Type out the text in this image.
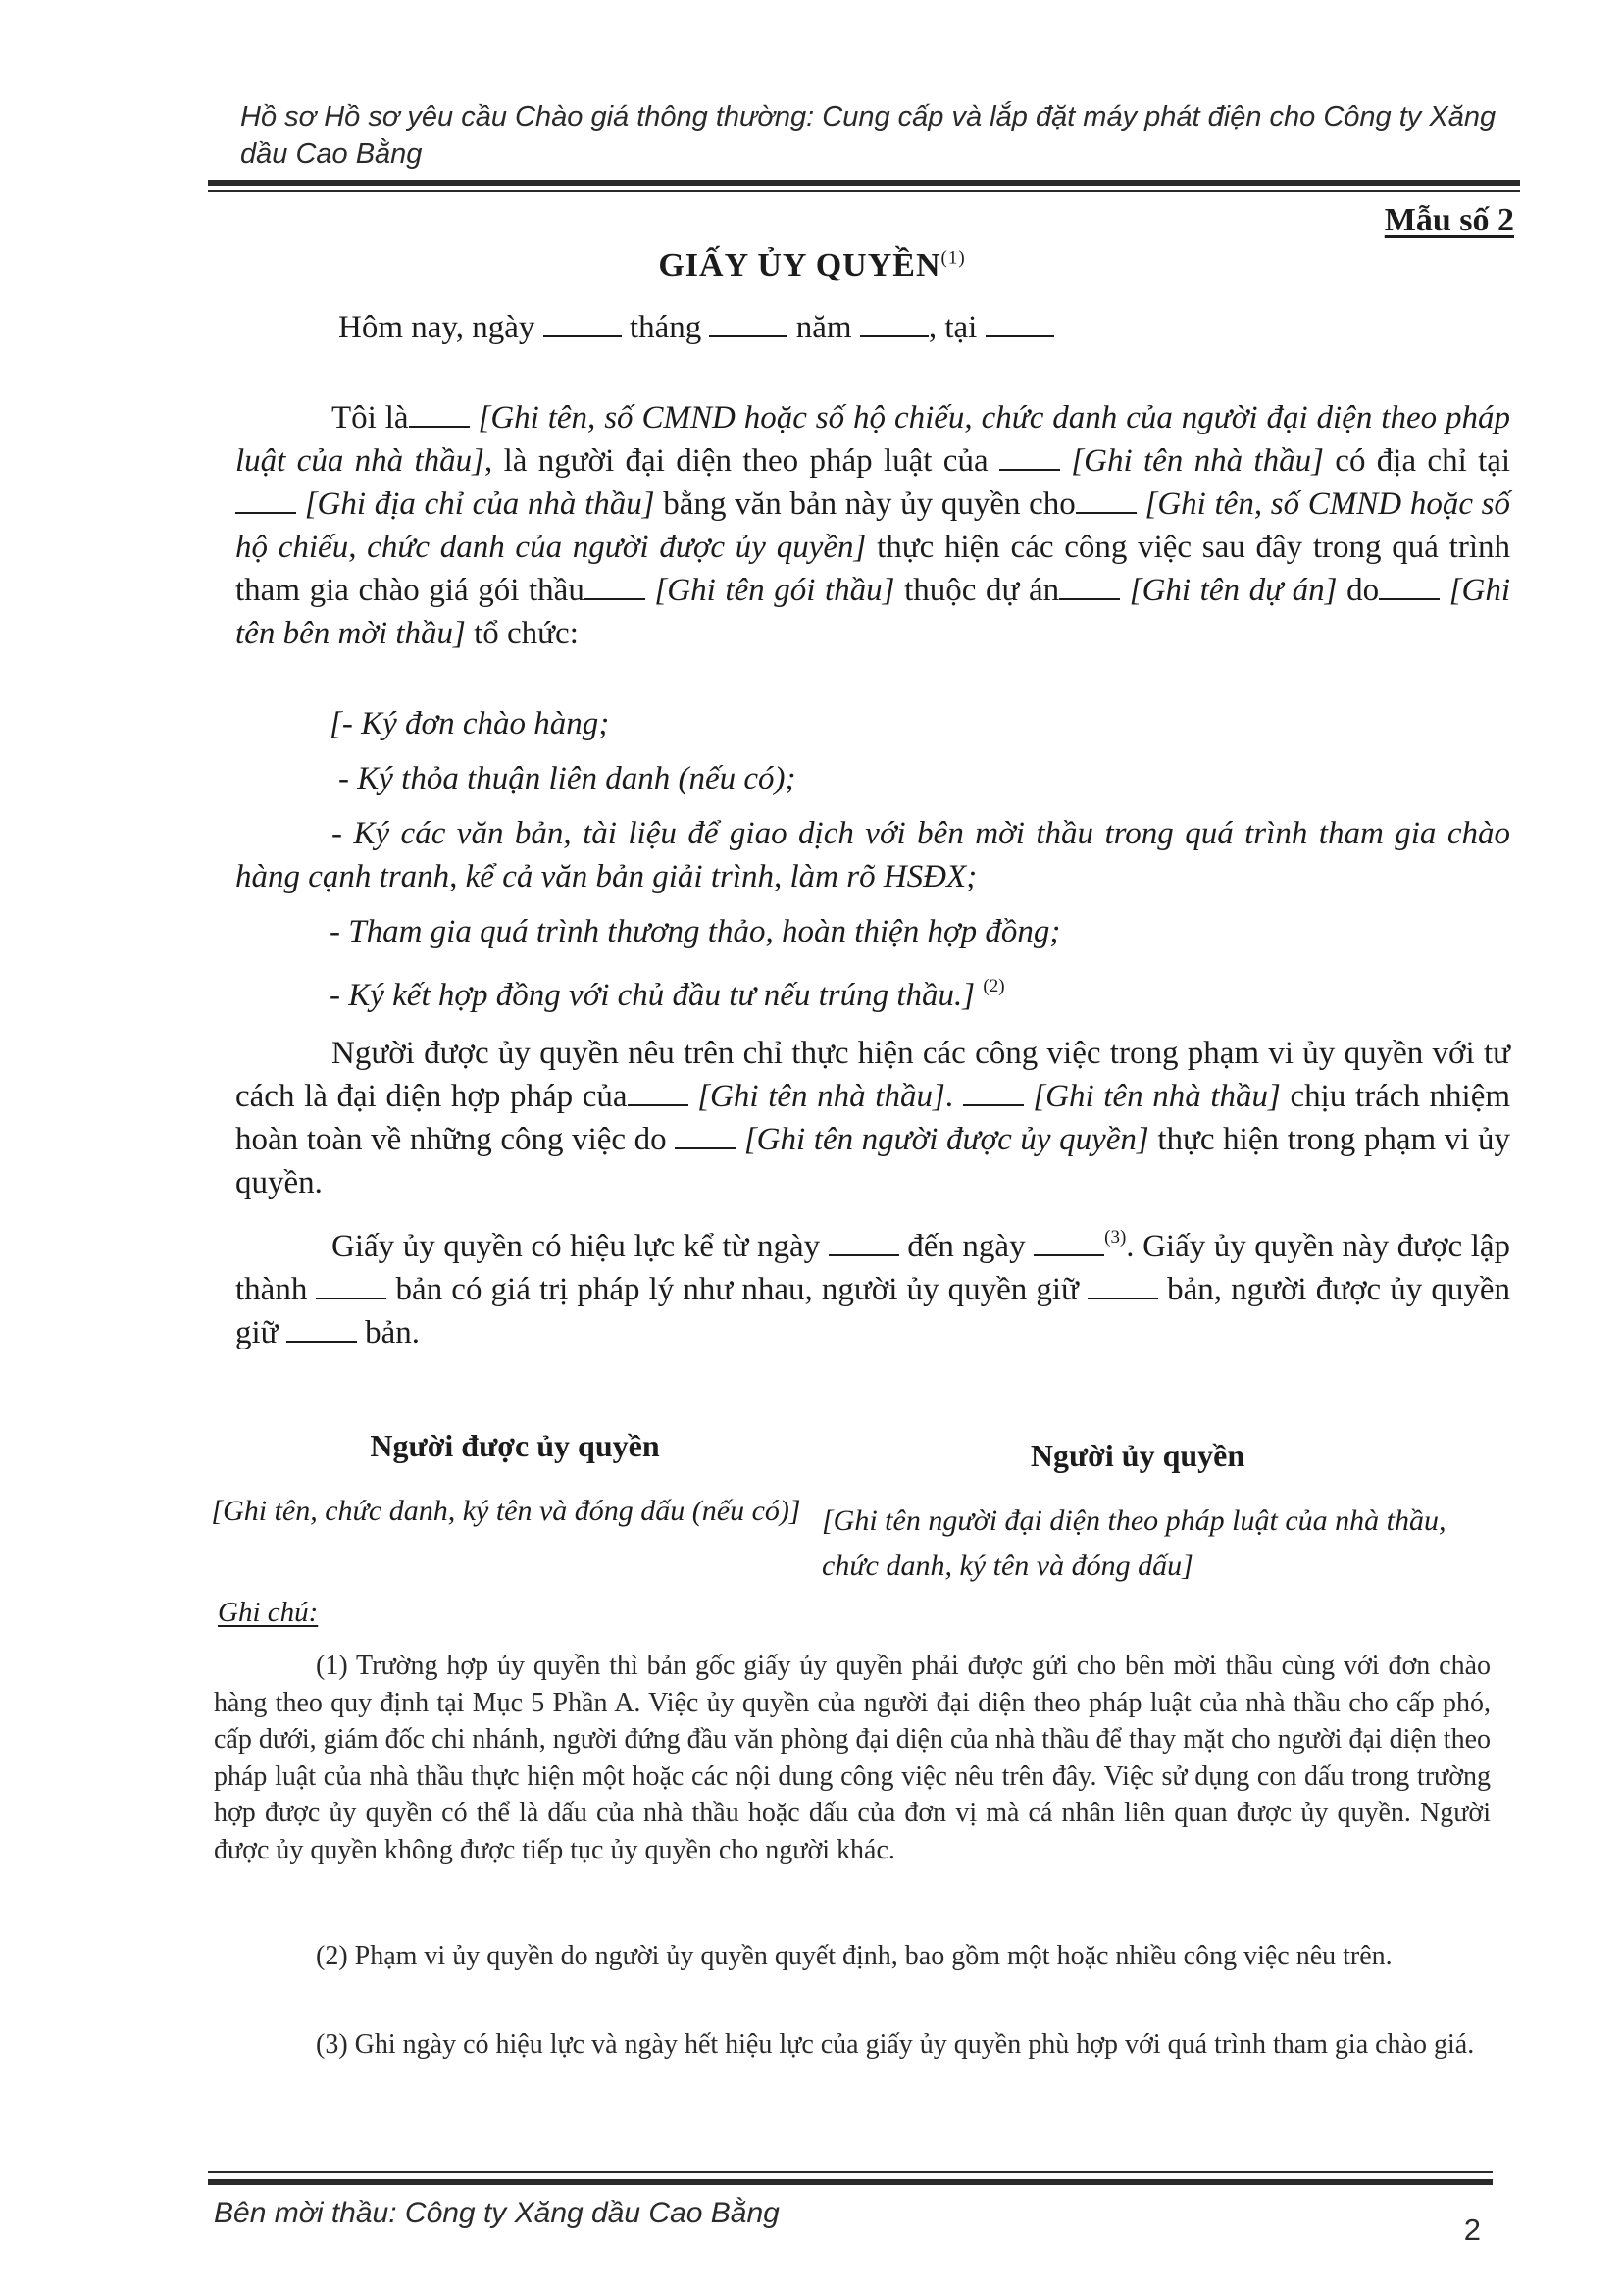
Hồ sơ Hồ sơ yêu cầu Chào giá thông thường: Cung cấp và lắp đặt máy phát điện cho Công ty Xăng dầu Cao Bằng
Mẫu số 2
GIẤY ỦY QUYỀN$^{(1)}$
Hôm nay, ngày	tháng	năm , tại
Tôi là [Ghi tên, số CMND hoặc số hộ chiếu, chức danh của người đại diện theo pháp luật của nhà thầu], là người đại diện theo pháp luật của	[Ghi tên nhà thầu] có địa chỉ tại [Ghi địa chỉ của nhà thầu] bằng văn bản này ủy quyền cho [Ghi tên, số CMND hoặc số hộ chiếu, chức danh của người được ủy quyền] thực hiện các công việc sau đây trong quá trình tham gia chào giá gói thầu [Ghi tên gói thầu] thuộc dự án [Ghi tên dự án] do [Ghi tên bên mời thầu] tổ chức:
[- Ký đơn chào hàng;
- Ký thỏa thuận liên danh (nếu có);
- Ký các văn bản, tài liệu để giao dịch với bên mời thầu trong quá trình tham gia chào hàng cạnh tranh, kể cả văn bản giải trình, làm rõ HSĐX;
- Tham gia quá trình thương thảo, hoàn thiện hợp đồng;
- Ký kết hợp đồng với chủ đầu tư nếu trúng thầu.] $^{(2)}$
Người được ủy quyền nêu trên chỉ thực hiện các công việc trong phạm vi ủy quyền với tư cách là đại diện hợp pháp của [Ghi tên nhà thầu]. [Ghi tên nhà thầu] chịu trách nhiệm hoàn toàn về những công việc do [Ghi tên người được ủy quyền] thực hiện trong phạm vi ủy quyền.
Giấy ủy quyền có hiệu lực kể từ ngày	đến ngày	$^{(3)}$. Giấy ủy quyền này được lập thành	bản có giá trị pháp lý như nhau, người ủy quyền giữ	bản, người được ủy quyền giữ	bản.
Người được ủy quyền
[Ghi tên, chức danh, ký tên và đóng dấu (nếu có)]
Người ủy quyền
[Ghi tên người đại diện theo pháp luật của nhà thầu, chức danh, ký tên và đóng dấu]
Ghi chú:
(1) Trường hợp ủy quyền thì bản gốc giấy ủy quyền phải được gửi cho bên mời thầu cùng với đơn chào hàng theo quy định tại Mục 5 Phần A. Việc ủy quyền của người đại diện theo pháp luật của nhà thầu cho cấp phó, cấp dưới, giám đốc chi nhánh, người đứng đầu văn phòng đại diện của nhà thầu để thay mặt cho người đại diện theo pháp luật của nhà thầu thực hiện một hoặc các nội dung công việc nêu trên đây. Việc sử dụng con dấu trong trường hợp được ủy quyền có thể là dấu của nhà thầu hoặc dấu của đơn vị mà cá nhân liên quan được ủy quyền. Người được ủy quyền không được tiếp tục ủy quyền cho người khác.
(2) Phạm vi ủy quyền do người ủy quyền quyết định, bao gồm một hoặc nhiều công việc nêu trên.
(3) Ghi ngày có hiệu lực và ngày hết hiệu lực của giấy ủy quyền phù hợp với quá trình tham gia chào giá.
Bên mời thầu: Công ty Xăng dầu Cao Bằng	2
